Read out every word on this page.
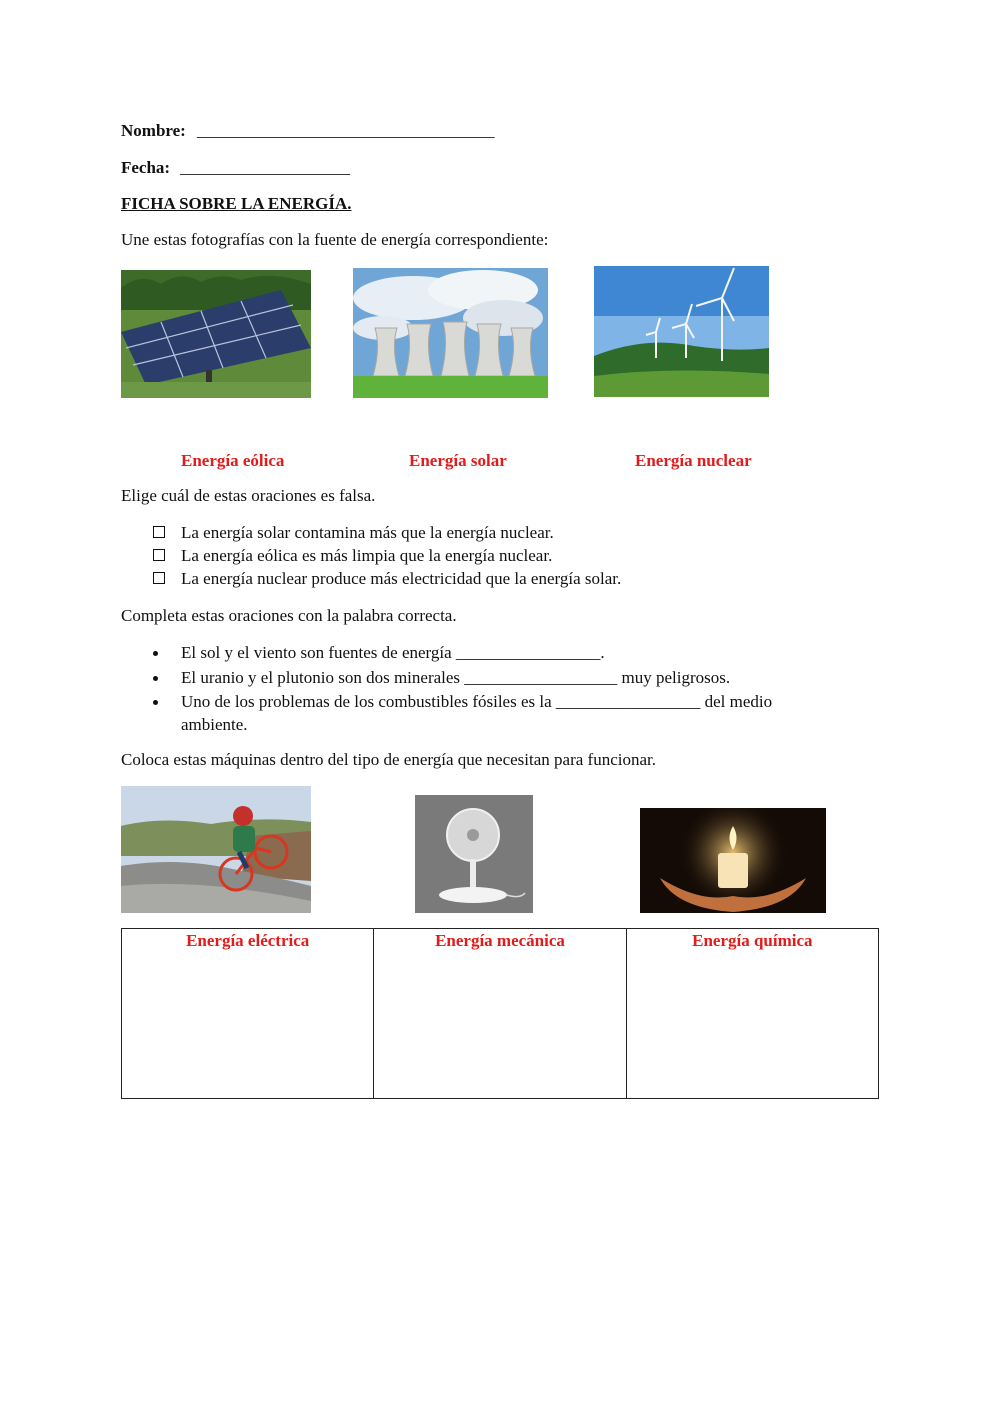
Nombre: ___________________________________
Fecha: ____________________
FICHA SOBRE LA ENERGÍA.
Une estas fotografías con la fuente de energía correspondiente:
Energía eólica	Energía solar	Energía nuclear
Elige cuál de estas oraciones es falsa.
La energía solar contamina más que la energía nuclear.
La energía eólica es más limpia que la energía nuclear.
La energía nuclear produce más electricidad que la energía solar.
Completa estas oraciones con la palabra correcta.
El sol y el viento son fuentes de energía _________________.
El uranio y el plutonio son dos minerales __________________ muy peligrosos.
Uno de los problemas de los combustibles fósiles es la _________________ del medio
ambiente.
Coloca estas máquinas dentro del tipo de energía que necesitan para funcionar.
Energía eléctrica	Energía mecánica	Energía química
